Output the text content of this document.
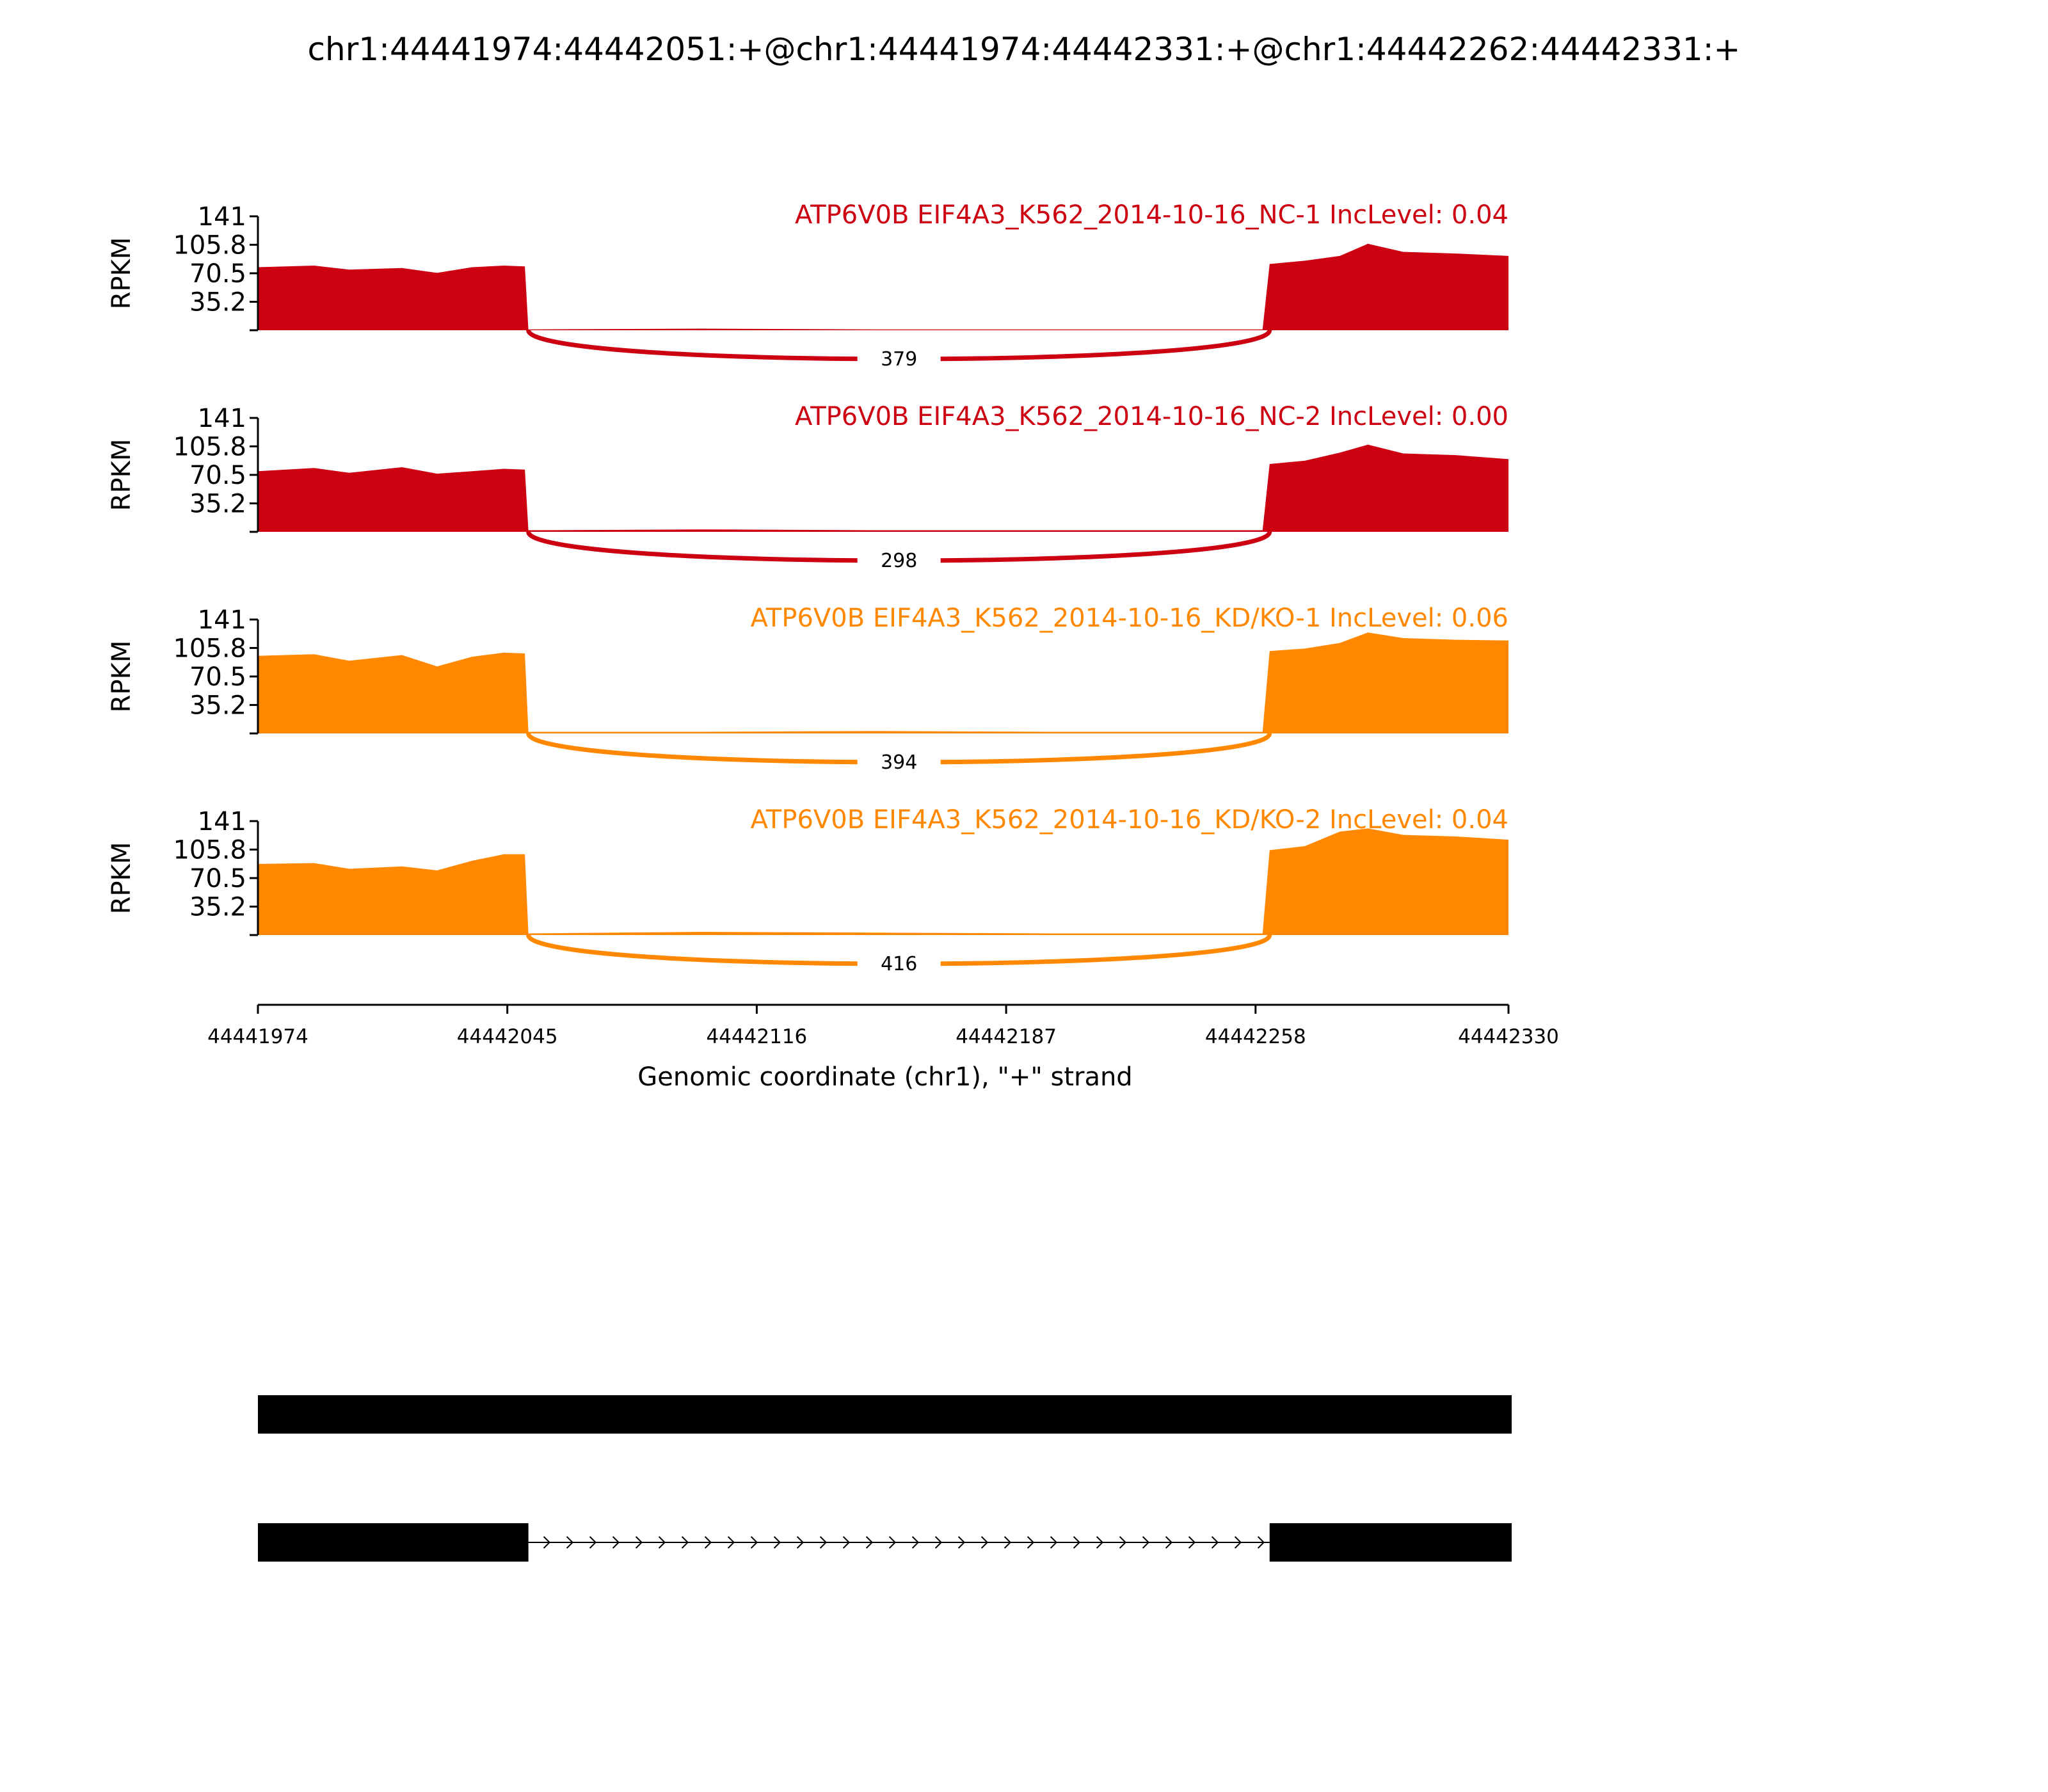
chr1:44441974:44442051:+@chr1:44441974:44442331:+@chr1:44442262:44442331:+
35.2
70.5
105.8
141
RPKM
ATP6V0B EIF4A3_K562_2014-10-16_NC-1 IncLevel: 0.04
379
35.2
70.5
105.8
141
RPKM
ATP6V0B EIF4A3_K562_2014-10-16_NC-2 IncLevel: 0.00
298
35.2
70.5
105.8
141
RPKM
ATP6V0B EIF4A3_K562_2014-10-16_KD/KO-1 IncLevel: 0.06
394
35.2
70.5
105.8
141
RPKM
ATP6V0B EIF4A3_K562_2014-10-16_KD/KO-2 IncLevel: 0.04
416
44441974	44442045	44442116	44442187	44442258	44442330
Genomic coordinate (chr1), "+" strand
